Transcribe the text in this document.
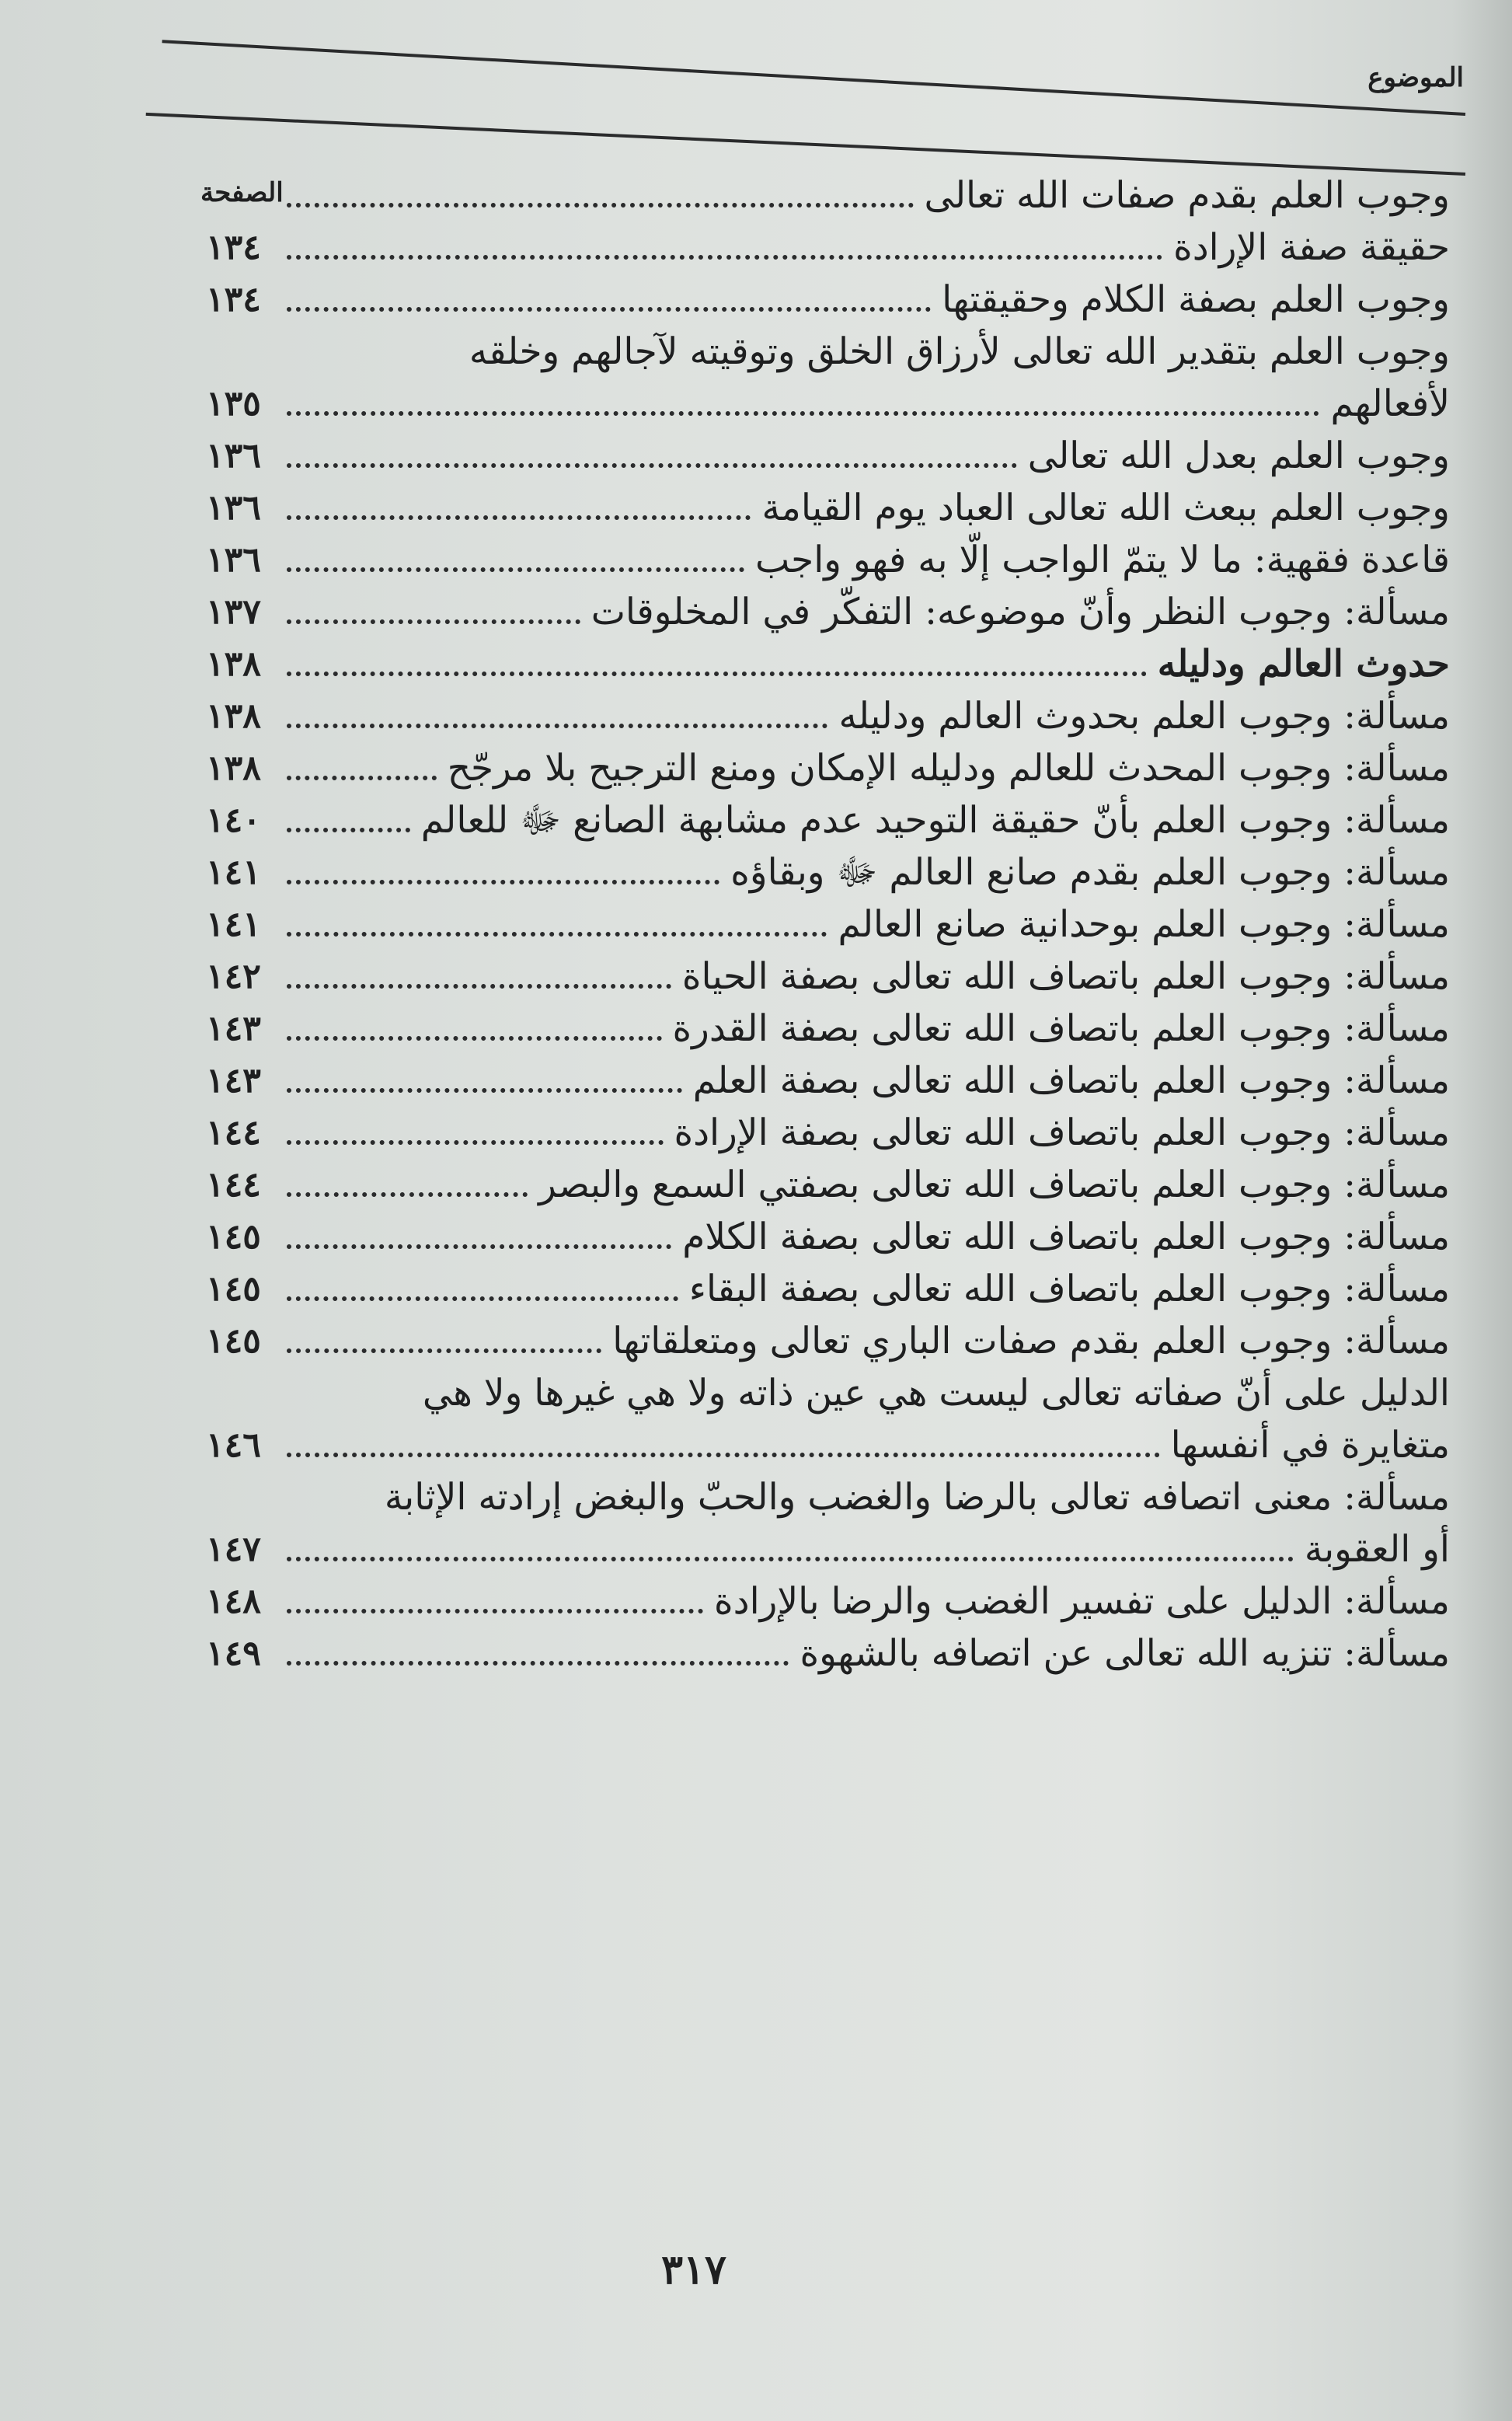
الموضوع
الصفحة	وجوب العلم بقدم صفات الله تعالى
حقيقة صفة الإرادة
١٣٤
وجوب العلم بصفة الكلام وحقيقتها
١٣٤
وجوب العلم بتقدير الله تعالى لأرزاق الخلق وتوقيته لآجالهم وخلقه
لأفعالهم
١٣٥
وجوب العلم بعدل الله تعالى
١٣٦
وجوب العلم ببعث الله تعالى العباد يوم القيامة
١٣٦
قاعدة فقهية: ما لا يتمّ الواجب إلّا به فهو واجب
١٣٦
مسألة: وجوب النظر وأنّ موضوعه: التفكّر في المخلوقات
١٣٧
حدوث العالم ودليله
١٣٨
مسألة: وجوب العلم بحدوث العالم ودليله
١٣٨
مسألة: وجوب المحدث للعالم ودليله الإمكان ومنع الترجيح بلا مرجّح
١٣٨
مسألة: وجوب العلم بأنّ حقيقة التوحيد عدم مشابهة الصانع ﷻ للعالم
١٤٠
مسألة: وجوب العلم بقدم صانع العالم ﷻ وبقاؤه
١٤١
مسألة: وجوب العلم بوحدانية صانع العالم
١٤١
مسألة: وجوب العلم باتصاف الله تعالى بصفة الحياة
١٤٢
مسألة: وجوب العلم باتصاف الله تعالى بصفة القدرة
١٤٣
مسألة: وجوب العلم باتصاف الله تعالى بصفة العلم
١٤٣
مسألة: وجوب العلم باتصاف الله تعالى بصفة الإرادة
١٤٤
مسألة: وجوب العلم باتصاف الله تعالى بصفتي السمع والبصر
١٤٤
مسألة: وجوب العلم باتصاف الله تعالى بصفة الكلام
١٤٥
مسألة: وجوب العلم باتصاف الله تعالى بصفة البقاء
١٤٥
مسألة: وجوب العلم بقدم صفات الباري تعالى ومتعلقاتها
١٤٥
الدليل على أنّ صفاته تعالى ليست هي عين ذاته ولا هي غيرها ولا هي
متغايرة في أنفسها
١٤٦
مسألة: معنى اتصافه تعالى بالرضا والغضب والحبّ والبغض إرادته الإثابة
أو العقوبة
١٤٧
مسألة: الدليل على تفسير الغضب والرضا بالإرادة
١٤٨
مسألة: تنزيه الله تعالى عن اتصافه بالشهوة
١٤٩
٣١٧
